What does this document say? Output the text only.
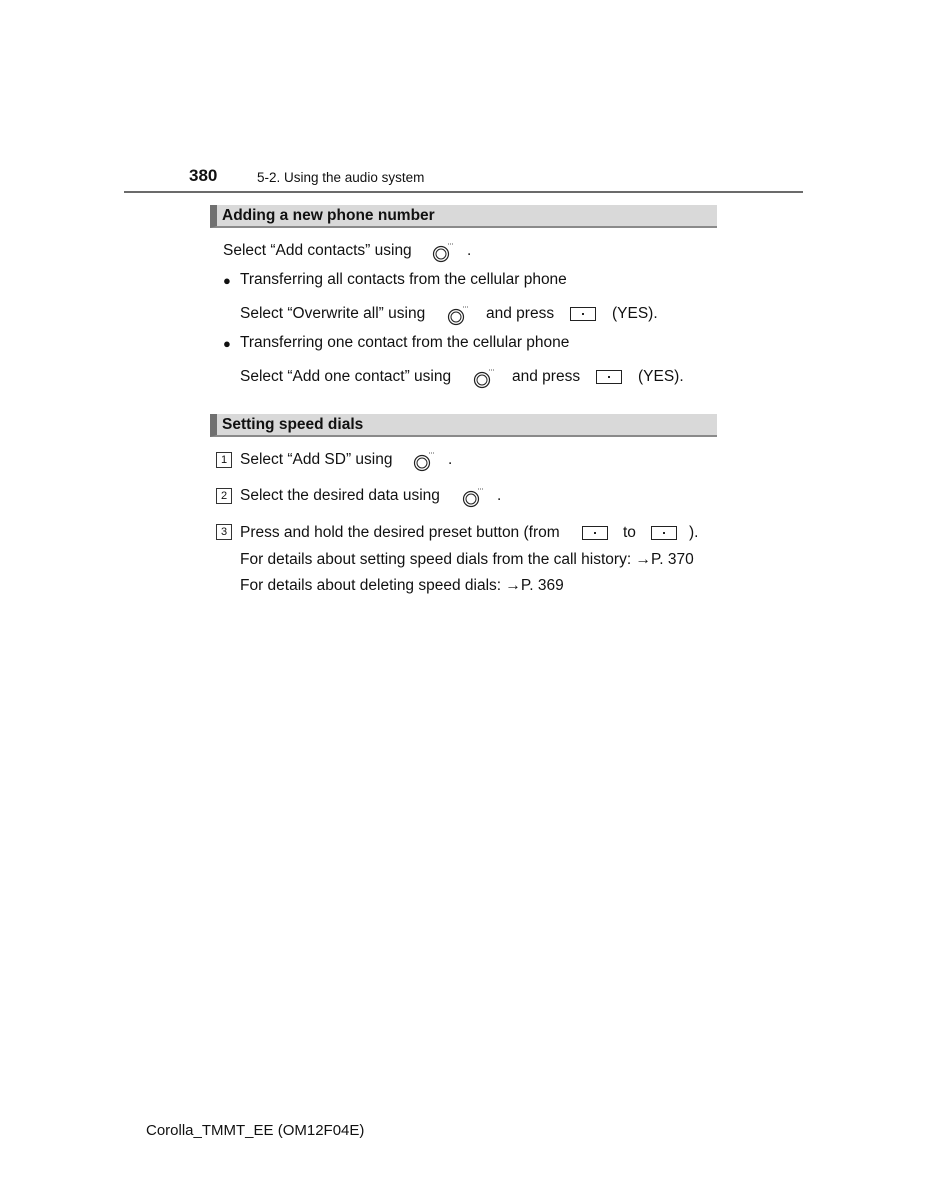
380	5-2. Using the audio system
Adding a new phone number
Select “Add contacts” using	.
● Transferring all contacts from the cellular phone
Select “Overwrite all” using	and press	(YES).
● Transferring one contact from the cellular phone
Select “Add one contact” using	and press	(YES).
Setting speed dials
1 Select “Add SD” using	.
2 Select the desired data using	.
3 Press and hold the desired preset button (from	to	).
For details about setting speed dials from the call history: →P. 370
For details about deleting speed dials: →P. 369
Corolla_TMMT_EE (OM12F04E)
